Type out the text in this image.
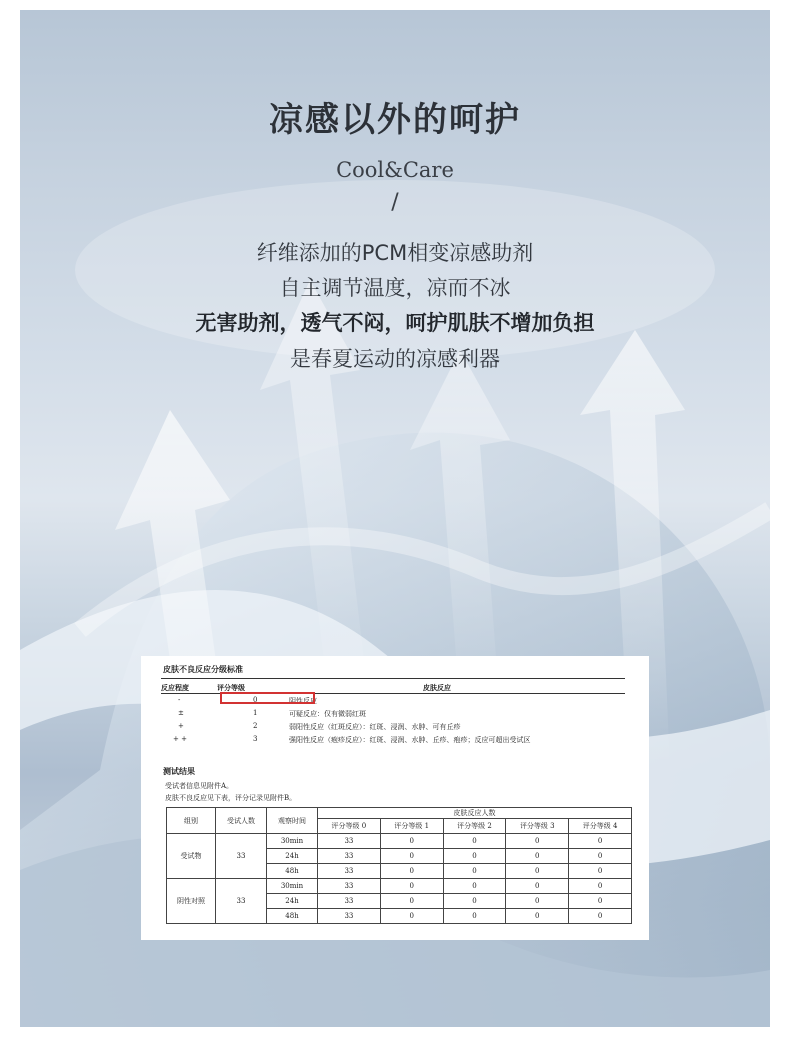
凉感以外的呵护
Cool&Care
/
纤维添加的PCM相变凉感助剂
自主调节温度，凉而不冰
无害助剂，透气不闷，呵护肌肤不增加负担
是春夏运动的凉感利器
皮肤不良反应分级标准
反应程度	评分等级	皮肤反应
-	0	阴性反应
±	1	可疑反应：仅有微弱红斑
+	2	弱阳性反应（红斑反应）：红斑、浸润、水肿、可有丘疹
+ +	3	强阳性反应（疱疹反应）：红斑、浸润、水肿、丘疹、疱疹；反应可超出受试区
测试结果
受试者信息见附件A。
皮肤不良反应见下表，评分记录见附件B。
组别	受试人数	观察时间	皮肤反应人数				
			评分等级 0	评分等级 1	评分等级 2	评分等级 3	评分等级 4
受试物	33	30min	33	0	0	0	0
		24h	33	0	0	0	0
		48h	33	0	0	0	0
阴性对照	33	30min	33	0	0	0	0
		24h	33	0	0	0	0
		48h	33	0	0	0	0
